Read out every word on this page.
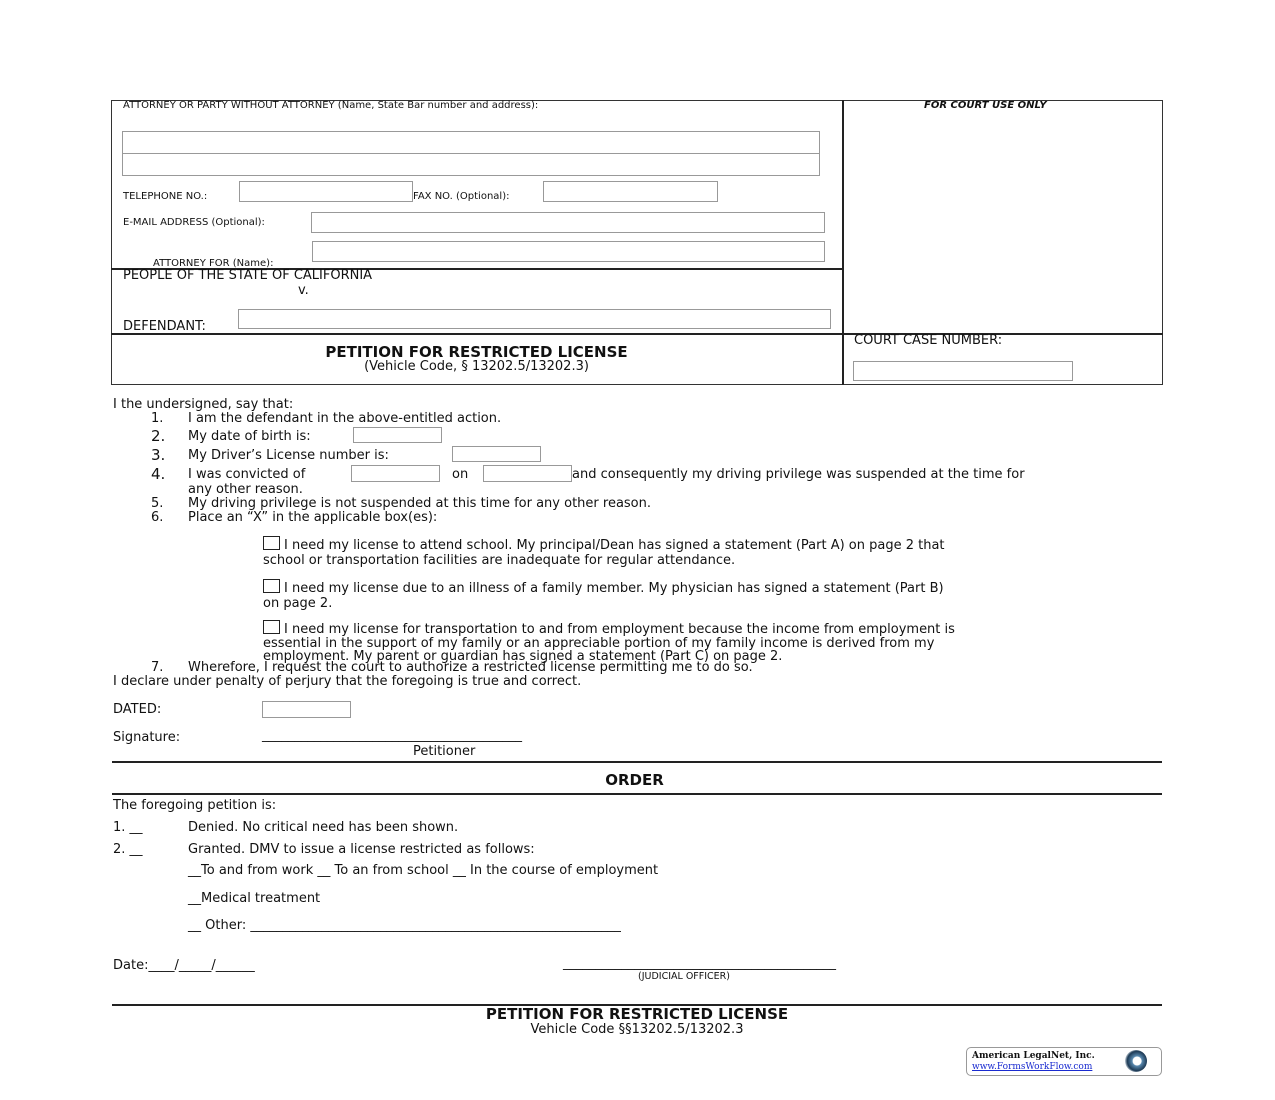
ATTORNEY OR PARTY WITHOUT ATTORNEY (Name, State Bar number and address):	FOR COURT USE ONLY
TELEPHONE NO.:	FAX NO. (Optional):
E-MAIL ADDRESS (Optional):
ATTORNEY FOR (Name):
PEOPLE OF THE STATE OF CALIFORNIA
v.
DEFENDANT:
PETITION FOR RESTRICTED LICENSE
(Vehicle Code, § 13202.5/13202.3)
COURT CASE NUMBER:
I the undersigned, say that:
1. I am the defendant in the above-entitled action.
2. My date of birth is:
3. My Driver’s License number is:
4. I was convicted of	on	and consequently my driving privilege was suspended at the time for
any other reason.
5. My driving privilege is not suspended at this time for any other reason.
6. Place an “X” in the applicable box(es):
I need my license to attend school. My principal/Dean has signed a statement (Part A) on page 2 that
school or transportation facilities are inadequate for regular attendance.
I need my license due to an illness of a family member. My physician has signed a statement (Part B)
on page 2.
I need my license for transportation to and from employment because the income from employment is
essential in the support of my family or an appreciable portion of my family income is derived from my
employment. My parent or guardian has signed a statement (Part C) on page 2.
7. Wherefore, I request the court to authorize a restricted license permitting me to do so.
I declare under penalty of perjury that the foregoing is true and correct.
DATED:
Signature:	________________________________________
Petitioner
ORDER
The foregoing petition is:
1. __	Denied. No critical need has been shown.
2. __	Granted. DMV to issue a license restricted as follows:
__To and from work __ To an from school __ In the course of employment
__Medical treatment
__ Other: _________________________________________________________
Date:____/_____/______	__________________________________________
(JUDICIAL OFFICER)
PETITION FOR RESTRICTED LICENSE
Vehicle Code §§13202.5/13202.3
American LegalNet, Inc.
www.FormsWorkFlow.com
